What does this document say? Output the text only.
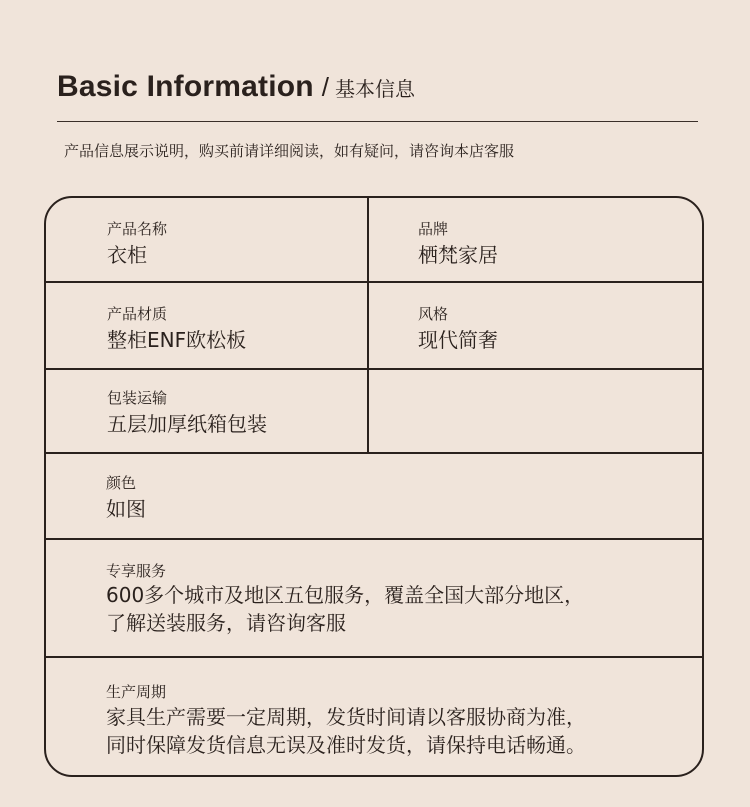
Basic Information / 基本信息
产品信息展示说明，购买前请详细阅读，如有疑问，请咨询本店客服
产品名称
衣柜
品牌
栖梵家居
产品材质
整柜ENF欧松板
风格
现代简奢
包装运输
五层加厚纸箱包装
颜色
如图
专享服务
600多个城市及地区五包服务，覆盖全国大部分地区，
了解送装服务，请咨询客服
生产周期
家具生产需要一定周期，发货时间请以客服协商为准，
同时保障发货信息无误及准时发货，请保持电话畅通。
